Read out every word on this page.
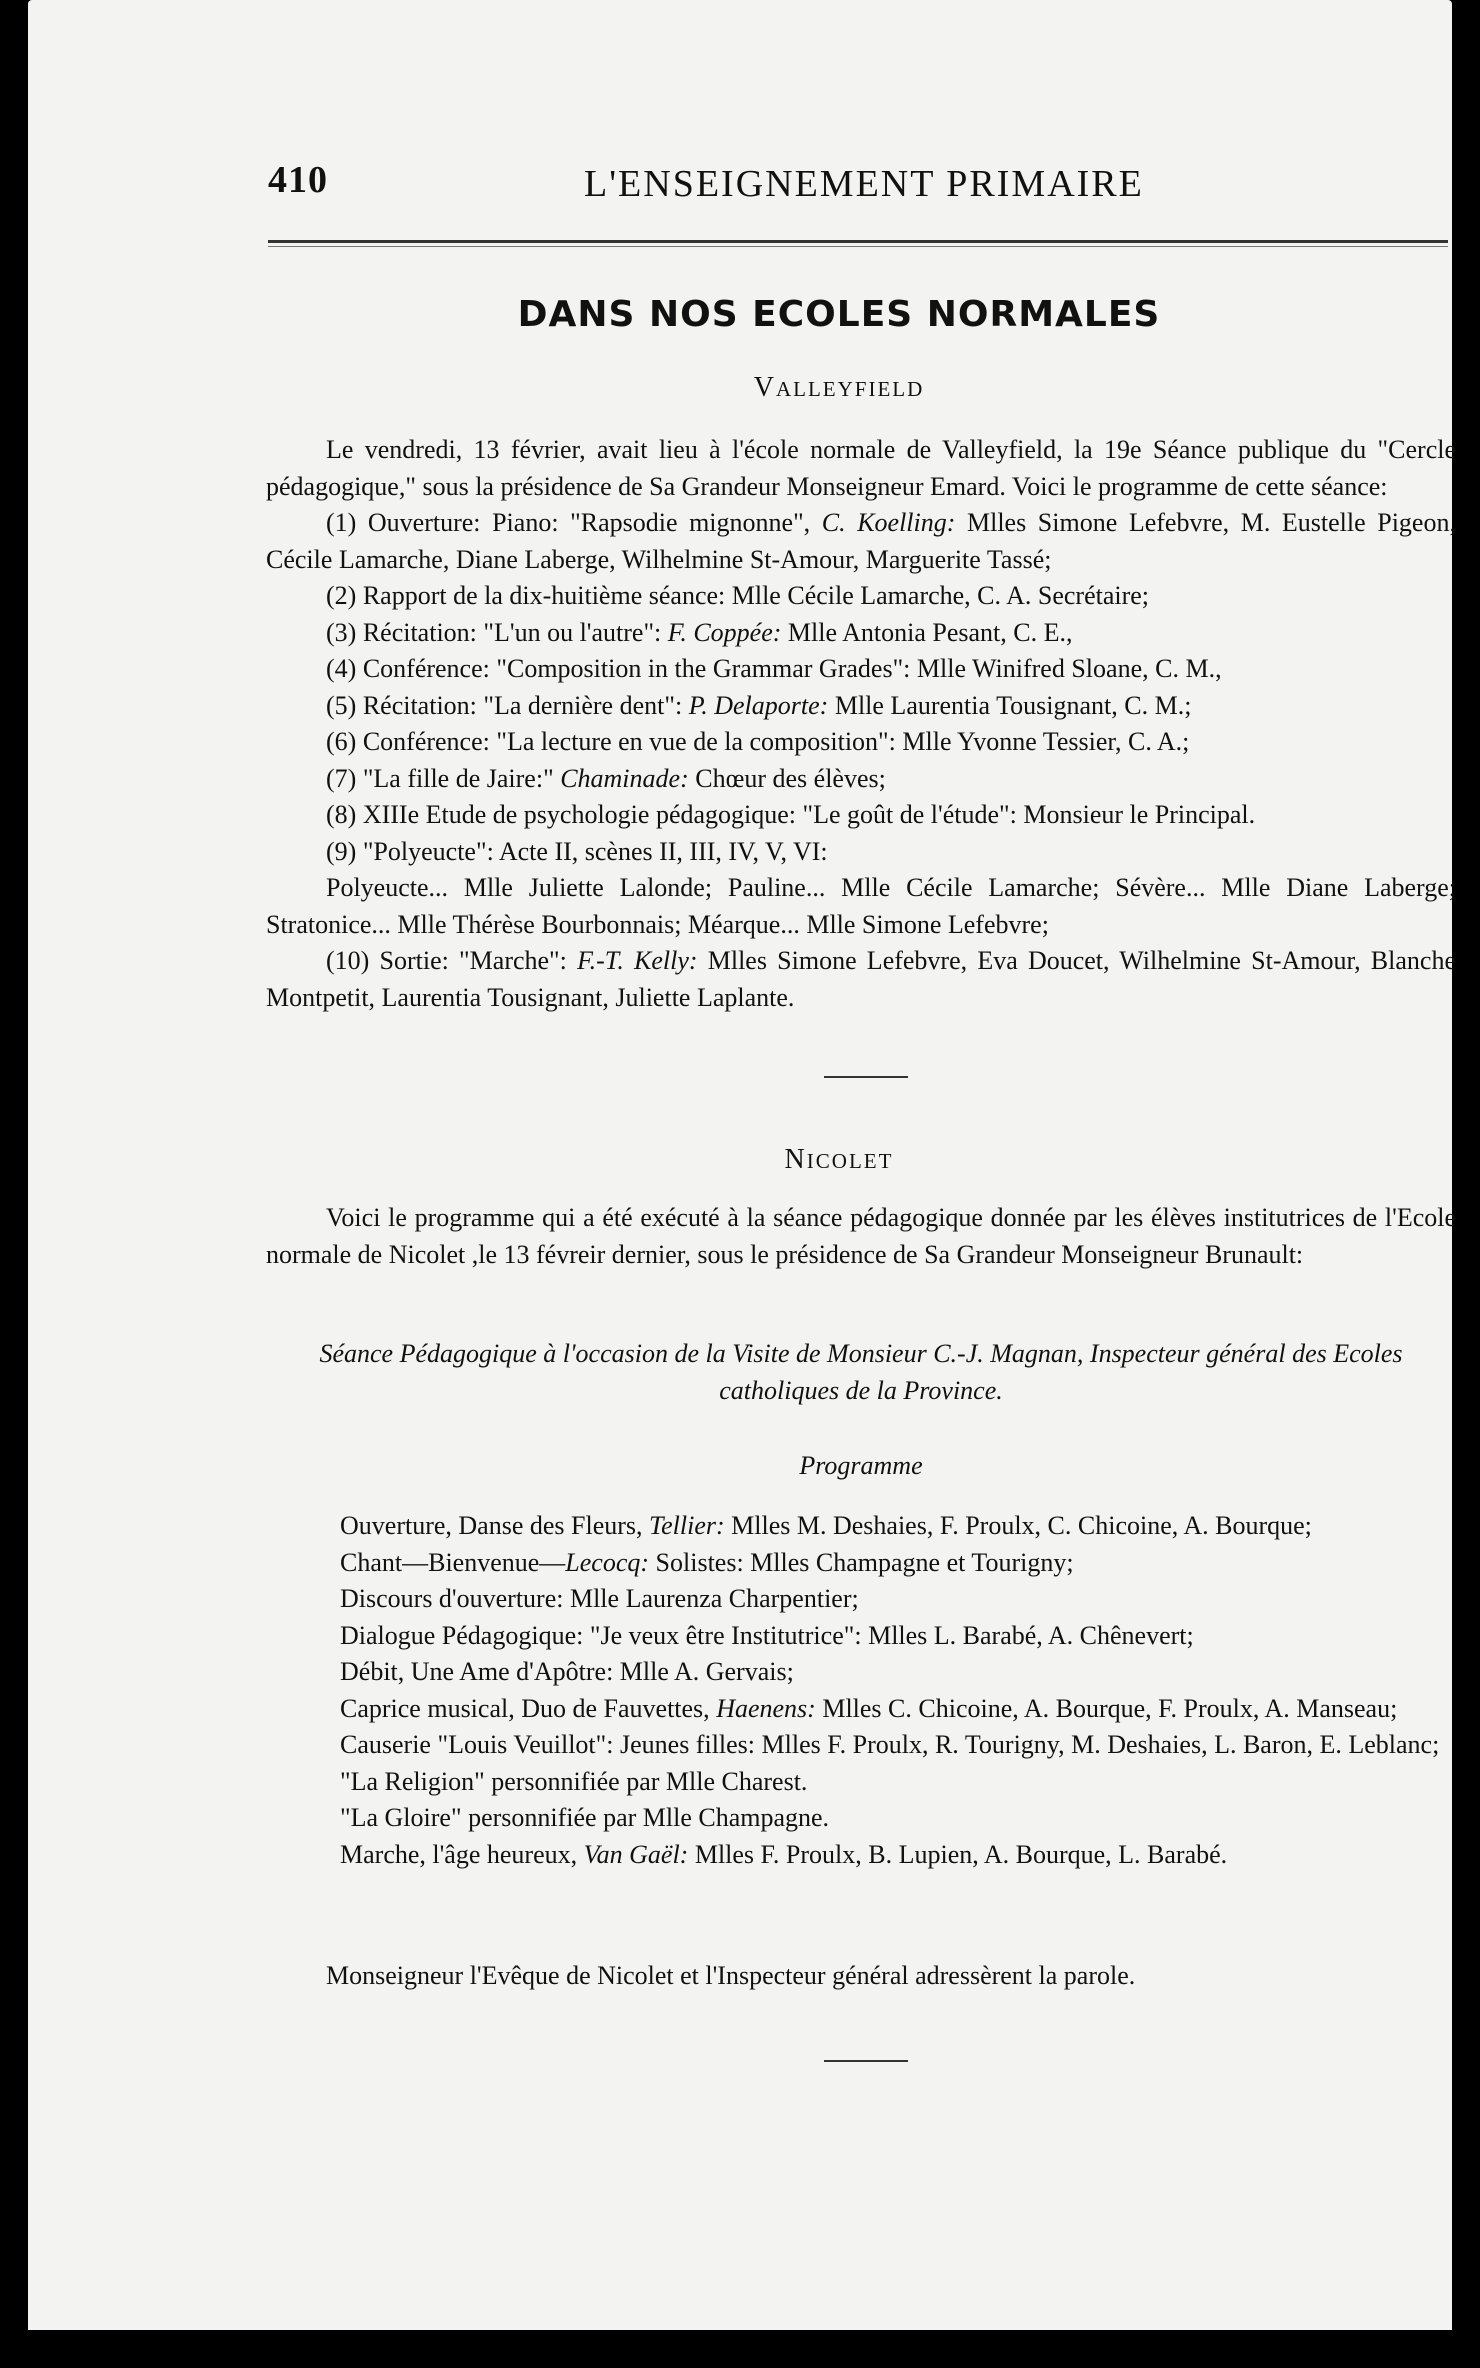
410	L'ENSEIGNEMENT PRIMAIRE
DANS NOS ECOLES NORMALES
VALLEYFIELD

Le vendredi, 13 février, avait lieu à l'école normale de Valleyfield, la 19e Séance publique du "Cercle pédagogique," sous la présidence de Sa Grandeur Monseigneur Emard. Voici le programme de cette séance:

(1) Ouverture: Piano: "Rapsodie mignonne", C. Koelling: Mlles Simone Lefebvre, M. Eustelle Pigeon, Cécile Lamarche, Diane Laberge, Wilhelmine St-Amour, Marguerite Tassé;

(2) Rapport de la dix-huitième séance: Mlle Cécile Lamarche, C. A. Secrétaire;

(3) Récitation: "L'un ou l'autre": F. Coppée: Mlle Antonia Pesant, C. E.,

(4) Conférence: "Composition in the Grammar Grades": Mlle Winifred Sloane, C. M.,

(5) Récitation: "La dernière dent": P. Delaporte: Mlle Laurentia Tousignant, C. M.;

(6) Conférence: "La lecture en vue de la composition": Mlle Yvonne Tessier, C. A.;

(7) "La fille de Jaire:" Chaminade: Chœur des élèves;

(8) XIIIe Etude de psychologie pédagogique: "Le goût de l'étude": Monsieur le Principal.

(9) "Polyeucte": Acte II, scènes II, III, IV, V, VI:

Polyeucte... Mlle Juliette Lalonde; Pauline... Mlle Cécile Lamarche; Sévère... Mlle Diane Laberge; Stratonice... Mlle Thérèse Bourbonnais; Méarque... Mlle Simone Lefebvre;

(10) Sortie: "Marche": F.-T. Kelly: Mlles Simone Lefebvre, Eva Doucet, Wilhelmine St-Amour, Blanche Montpetit, Laurentia Tousignant, Juliette Laplante.

NICOLET

Voici le programme qui a été exécuté à la séance pédagogique donnée par les élèves institutrices de l'Ecole normale de Nicolet ,le 13 févreir dernier, sous le présidence de Sa Grandeur Monseigneur Brunault:

Séance Pédagogique à l'occasion de la Visite de Monsieur C.-J. Magnan, Inspecteur général des Ecoles catholiques de la Province.

Programme

Ouverture, Danse des Fleurs, Tellier: Mlles M. Deshaies, F. Proulx, C. Chicoine, A. Bourque;

Chant—Bienvenue—Lecocq: Solistes: Mlles Champagne et Tourigny;

Discours d'ouverture: Mlle Laurenza Charpentier;

Dialogue Pédagogique: "Je veux être Institutrice": Mlles L. Barabé, A. Chênevert;

Débit, Une Ame d'Apôtre: Mlle A. Gervais;

Caprice musical, Duo de Fauvettes, Haenens: Mlles C. Chicoine, A. Bourque, F. Proulx, A. Manseau;

Causerie "Louis Veuillot": Jeunes filles: Mlles F. Proulx, R. Tourigny, M. Deshaies, L. Baron, E. Leblanc;

"La Religion" personnifiée par Mlle Charest.

"La Gloire" personnifiée par Mlle Champagne.

Marche, l'âge heureux, Van Gaël: Mlles F. Proulx, B. Lupien, A. Bourque, L. Barabé.

Monseigneur l'Evêque de Nicolet et l'Inspecteur général adressèrent la parole.
